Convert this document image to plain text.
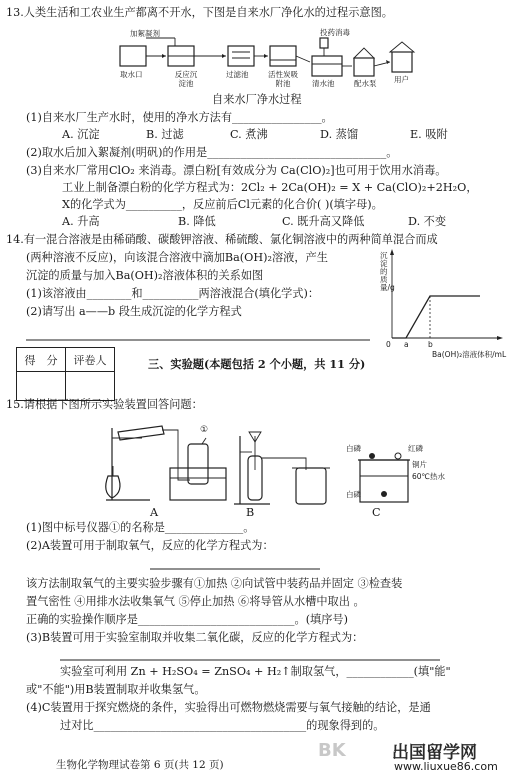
13.人类生活和工农业生产都离不开水，下图是自来水厂净化水的过程示意图。
加絮凝剂
取水口	反应沉淀池
过滤池	活性炭吸附池
投药消毒
清水池	配水泵 用户
自来水厂净水过程
(1)自来水厂生产水时，使用的净水方法有________________。
A. 沉淀	B. 过滤	C. 煮沸	D. 蒸馏	E. 吸附
(2)取水后加入絮凝剂(明矾)的作用是________________________________。
(3)自来水厂常用ClO₂ 来消毒。漂白粉[有效成分为 Ca(ClO)₂]也可用于饮用水消毒。
工业上制备漂白粉的化学方程式为：2Cl₂ + 2Ca(OH)₂ = X + Ca(ClO)₂+2H₂O，
X的化学式为__________，反应前后Cl元素的化合价( )(填字母)。
A. 升高	B. 降低	C. 既升高又降低	D. 不变
14.有一混合溶液是由稀硝酸、碳酸钾溶液、稀硫酸、氯化铜溶液中的两种简单混合而成
(两种溶液不反应)，向该混合溶液中滴加Ba(OH)₂溶液，产生
沉淀的质量与加入Ba(OH)₂溶液体积的关系如图
(1)该溶液由________和__________两溶液混合(填化学式)：
(2)请写出 a——b 段生成沉淀的化学方程式
沉淀的质量/g
0 a	b
Ba(OH)₂溶液体积/mL
得　分	评卷人
		三、实验题(本题包括 2 个小题，共 11 分)
15.请根据下图所示实验装置回答问题：
①
A	B	C
白磷	红磷
铜片
60℃热水
白磷
(1)图中标号仪器①的名称是______________。
(2)A装置可用于制取氧气，反应的化学方程式为：
该方法制取氧气的主要实验步骤有①加热 ②向试管中装药品并固定 ③检查装
置气密性 ④用排水法收集氧气 ⑤停止加热 ⑥将导管从水槽中取出 。
正确的实验操作顺序是____________________________。(填序号)
(3)B装置可用于实验室制取并收集二氧化碳，反应的化学方程式为：
实验室可利用 Zn + H₂SO₄ = ZnSO₄ + H₂↑制取氢气，____________(填"能"
或"不能")用B装置制取并收集氢气。
(4)C装置用于探究燃烧的条件，实验得出可燃物燃烧需要与氧气接触的结论，是通
过对比______________________________________的现象得到的。
生物化学物理试卷第 6 页(共 12 页)
BK	出国留学网
www.liuxue86.com
